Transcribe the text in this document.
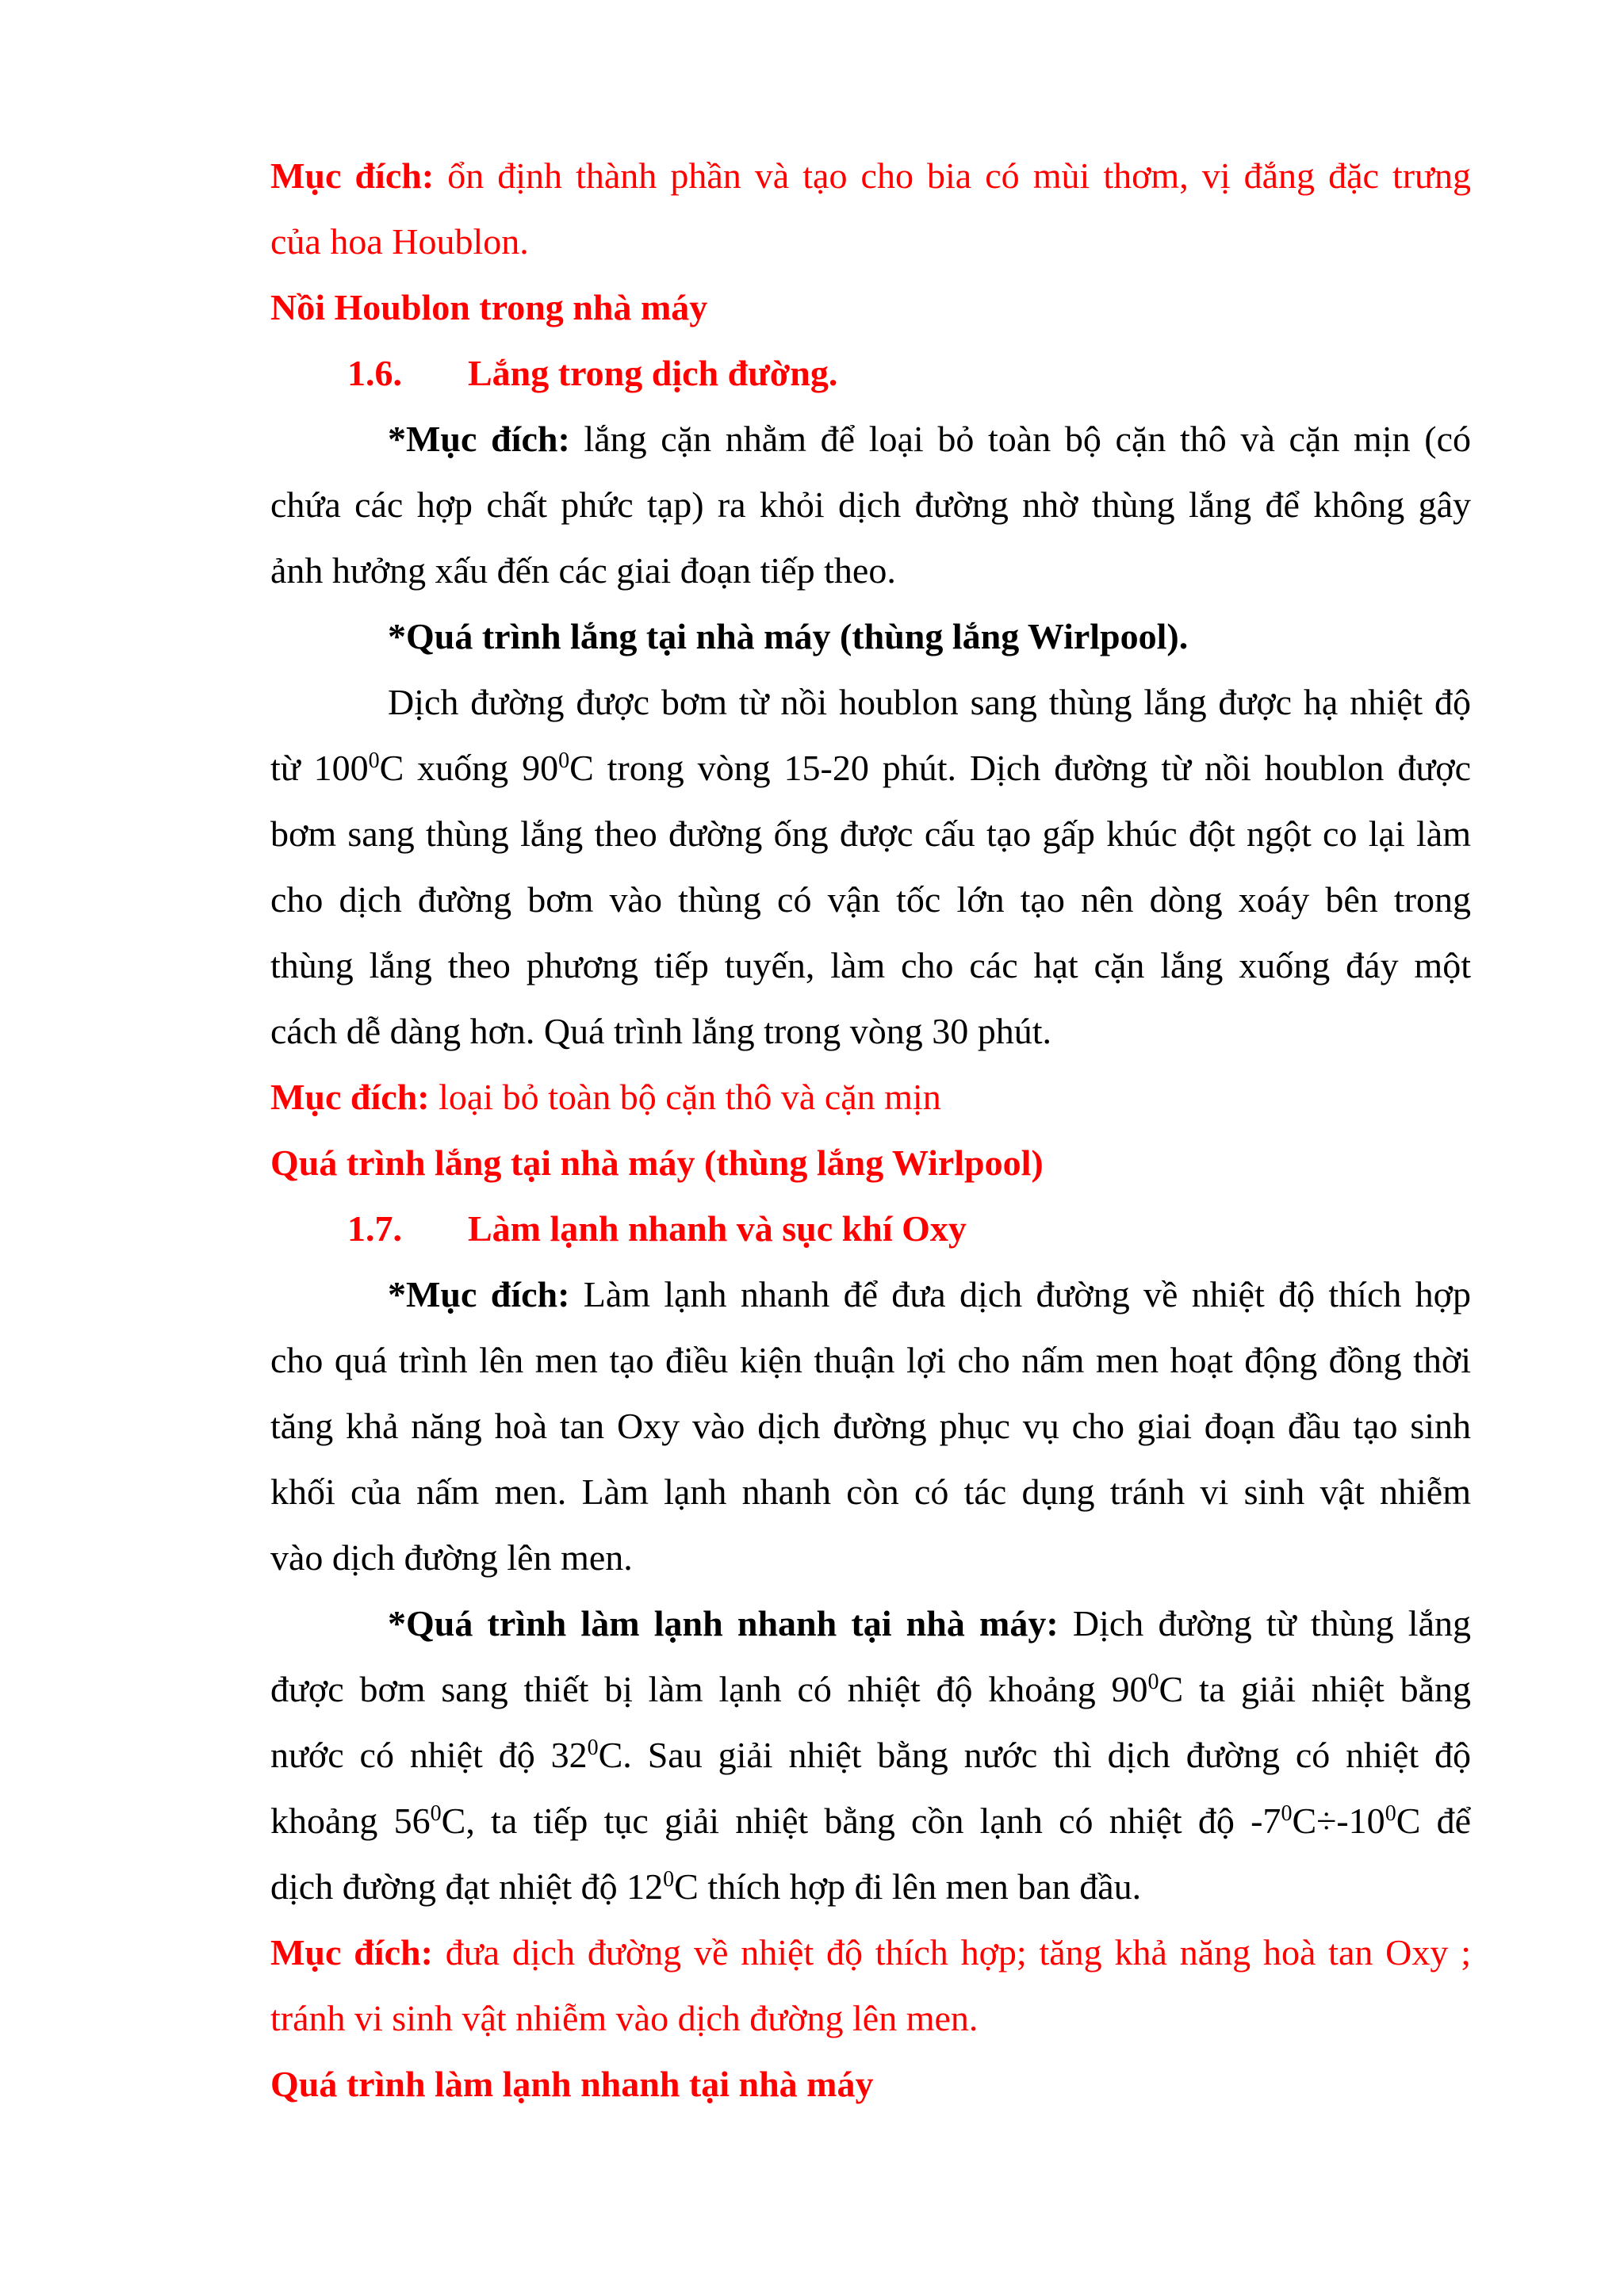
Mục đích: ổn định thành phần và tạo cho bia có mùi thơm, vị đắng đặc trưng
của hoa Houblon.
Nồi Houblon trong nhà máy
1.6. Lắng trong dịch đường.
*Mục đích: lắng cặn nhằm để loại bỏ toàn bộ cặn thô và cặn mịn (có
chứa các hợp chất phức tạp) ra khỏi dịch đường nhờ thùng lắng để không gây
ảnh hưởng xấu đến các giai đoạn tiếp theo.
*Quá trình lắng tại nhà máy (thùng lắng Wirlpool).
Dịch đường được bơm từ nồi houblon sang thùng lắng được hạ nhiệt độ
từ $100^0C$ xuống $90^0C$ trong vòng 15-20 phút. Dịch đường từ nồi houblon được
bơm sang thùng lắng theo đường ống được cấu tạo gấp khúc đột ngột co lại làm
cho dịch đường bơm vào thùng có vận tốc lớn tạo nên dòng xoáy bên trong
thùng lắng theo phương tiếp tuyến, làm cho các hạt cặn lắng xuống đáy một
cách dễ dàng hơn. Quá trình lắng trong vòng 30 phút.
Mục đích: loại bỏ toàn bộ cặn thô và cặn mịn
Quá trình lắng tại nhà máy (thùng lắng Wirlpool)
1.7. Làm lạnh nhanh và sục khí Oxy
*Mục đích: Làm lạnh nhanh để đưa dịch đường về nhiệt độ thích hợp
cho quá trình lên men tạo điều kiện thuận lợi cho nấm men hoạt động đồng thời
tăng khả năng hoà tan Oxy vào dịch đường phục vụ cho giai đoạn đầu tạo sinh
khối của nấm men. Làm lạnh nhanh còn có tác dụng tránh vi sinh vật nhiễm
vào dịch đường lên men.
*Quá trình làm lạnh nhanh tại nhà máy: Dịch đường từ thùng lắng
được bơm sang thiết bị làm lạnh có nhiệt độ khoảng $90^0C$ ta giải nhiệt bằng
nước có nhiệt độ $32^0C$. Sau giải nhiệt bằng nước thì dịch đường có nhiệt độ
khoảng $56^0C$, ta tiếp tục giải nhiệt bằng cồn lạnh có nhiệt độ $-7^0C\div-10^0C$ để
dịch đường đạt nhiệt độ $12^0C$ thích hợp đi lên men ban đầu.
Mục đích: đưa dịch đường về nhiệt độ thích hợp; tăng khả năng hoà tan Oxy ;
tránh vi sinh vật nhiễm vào dịch đường lên men.
Quá trình làm lạnh nhanh tại nhà máy
